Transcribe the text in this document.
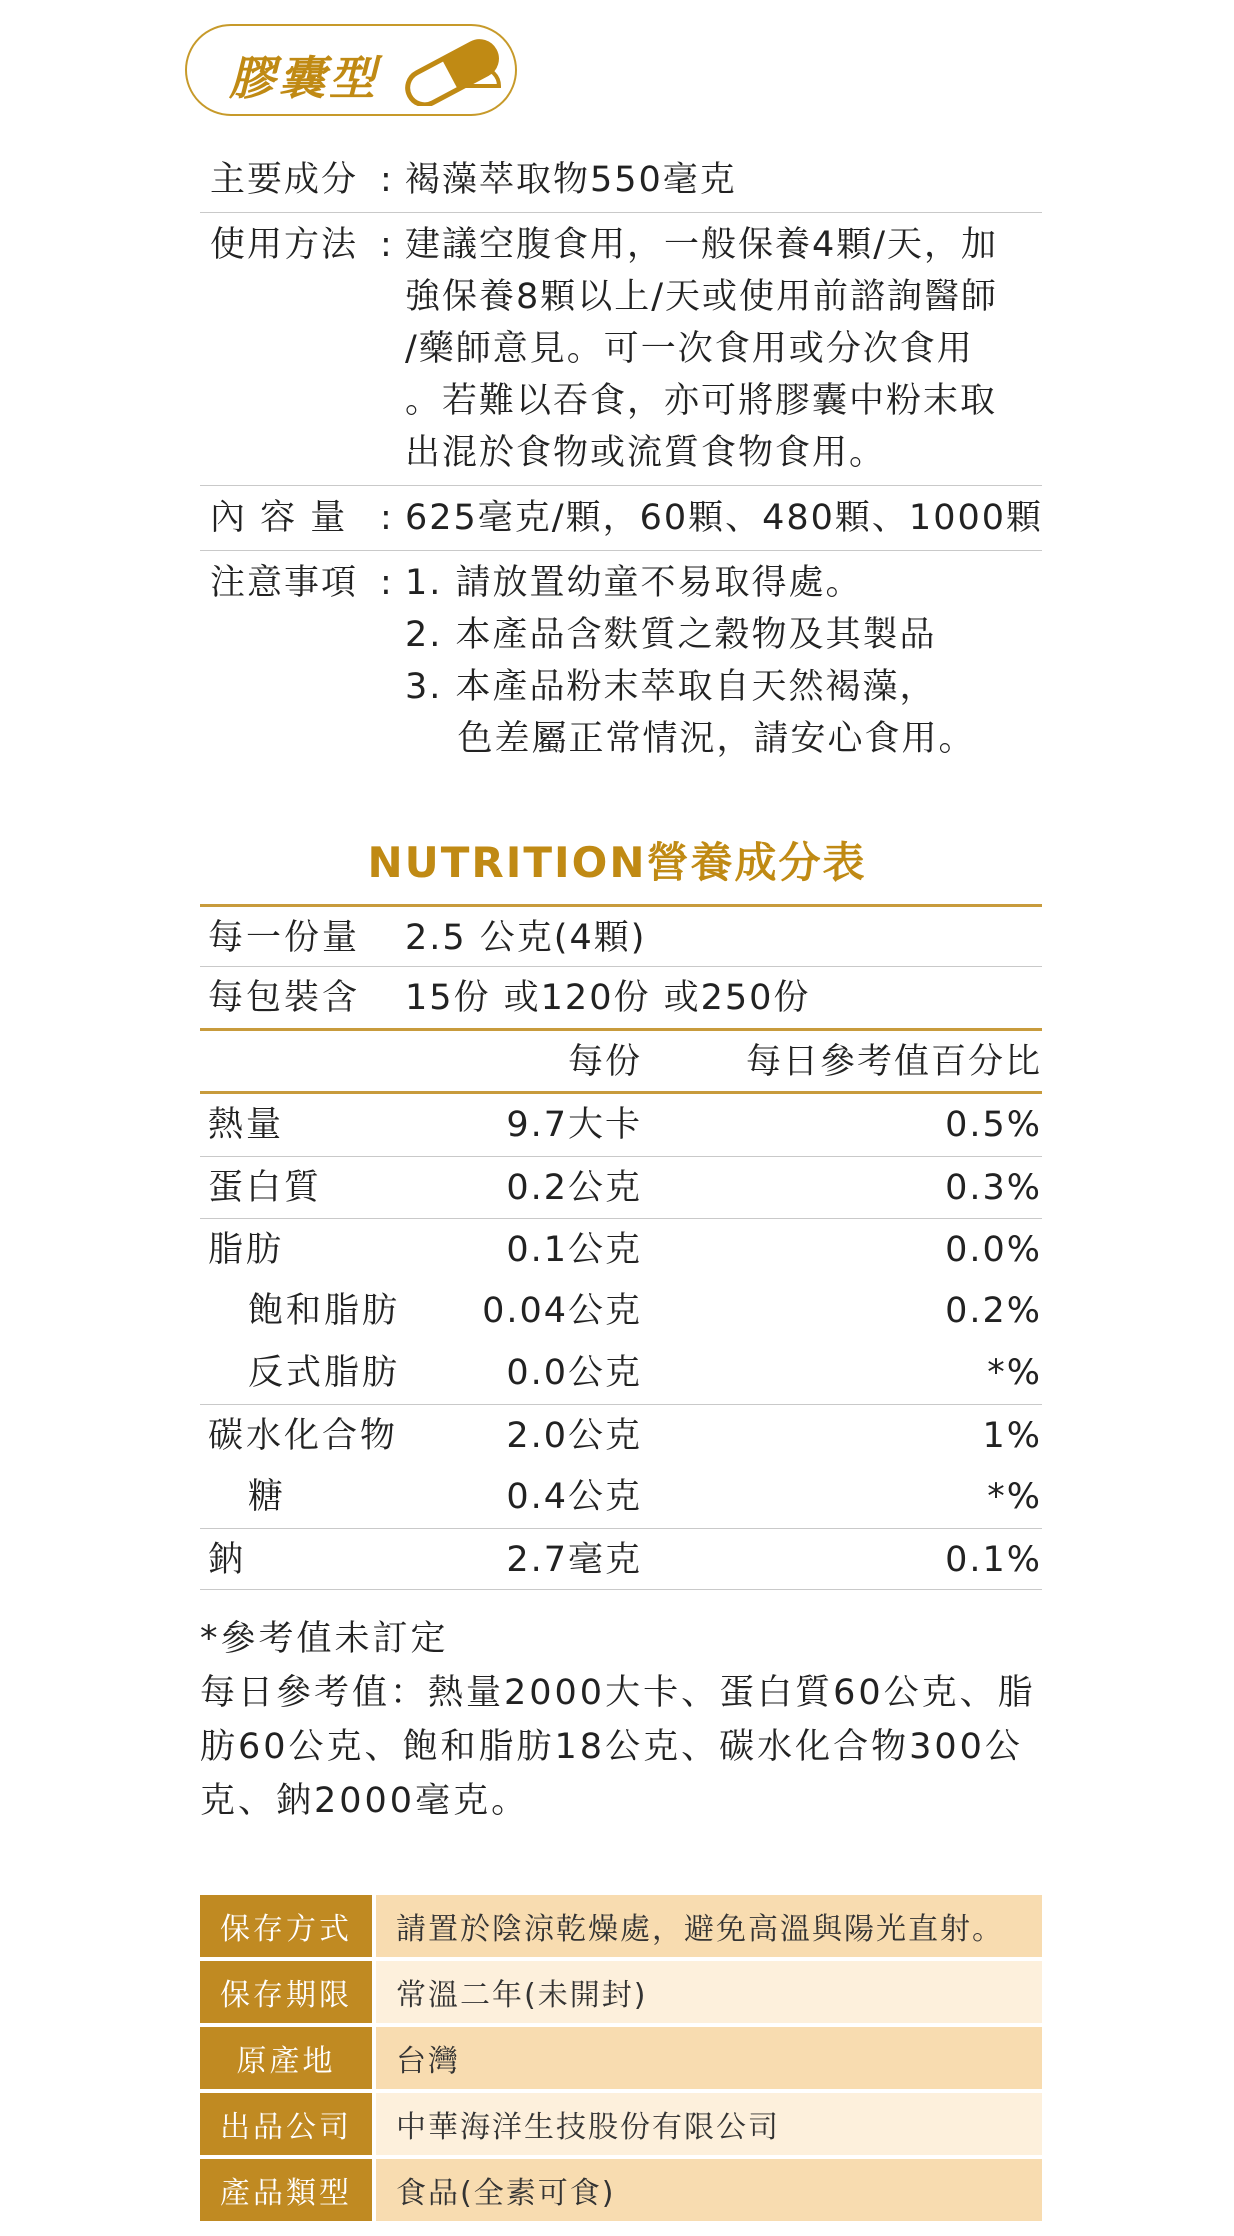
膠囊型
主要成分 : 褐藻萃取物550毫克
使用方法 : 建議空腹食用，一般保養4顆/天，加
強保養8顆以上/天或使用前諮詢醫師
/藥師意見。可一次食用或分次食用
。若難以吞食，亦可將膠囊中粉末取
出混於食物或流質食物食用。
內 容 量 : 625毫克/顆，60顆、480顆、1000顆
注意事項 : 1. 請放置幼童不易取得處。
2. 本產品含麩質之穀物及其製品
3. 本產品粉末萃取自天然褐藻，
色差屬正常情況，請安心食用。
NUTRITION營養成分表
每一份量 2.5 公克(4顆)
每包裝含 15份 或120份 或250份
每份	每日參考值百分比
熱量	9.7大卡	0.5%
蛋白質	0.2公克	0.3%
脂肪	0.1公克	0.0%
飽和脂肪 0.04公克	0.2%
反式脂肪	0.0公克	*%
碳水化合物	2.0公克	1%
糖	0.4公克	*%
鈉	2.7毫克	0.1%
*參考值未訂定
每日參考值：熱量2000大卡、蛋白質60公克、脂
肪60公克、飽和脂肪18公克、碳水化合物300公
克、鈉2000毫克。
保存方式	請置於陰涼乾燥處，避免高溫與陽光直射。
保存期限	常溫二年(未開封)
原產地	台灣
出品公司	中華海洋生技股份有限公司
產品類型	食品(全素可食)
